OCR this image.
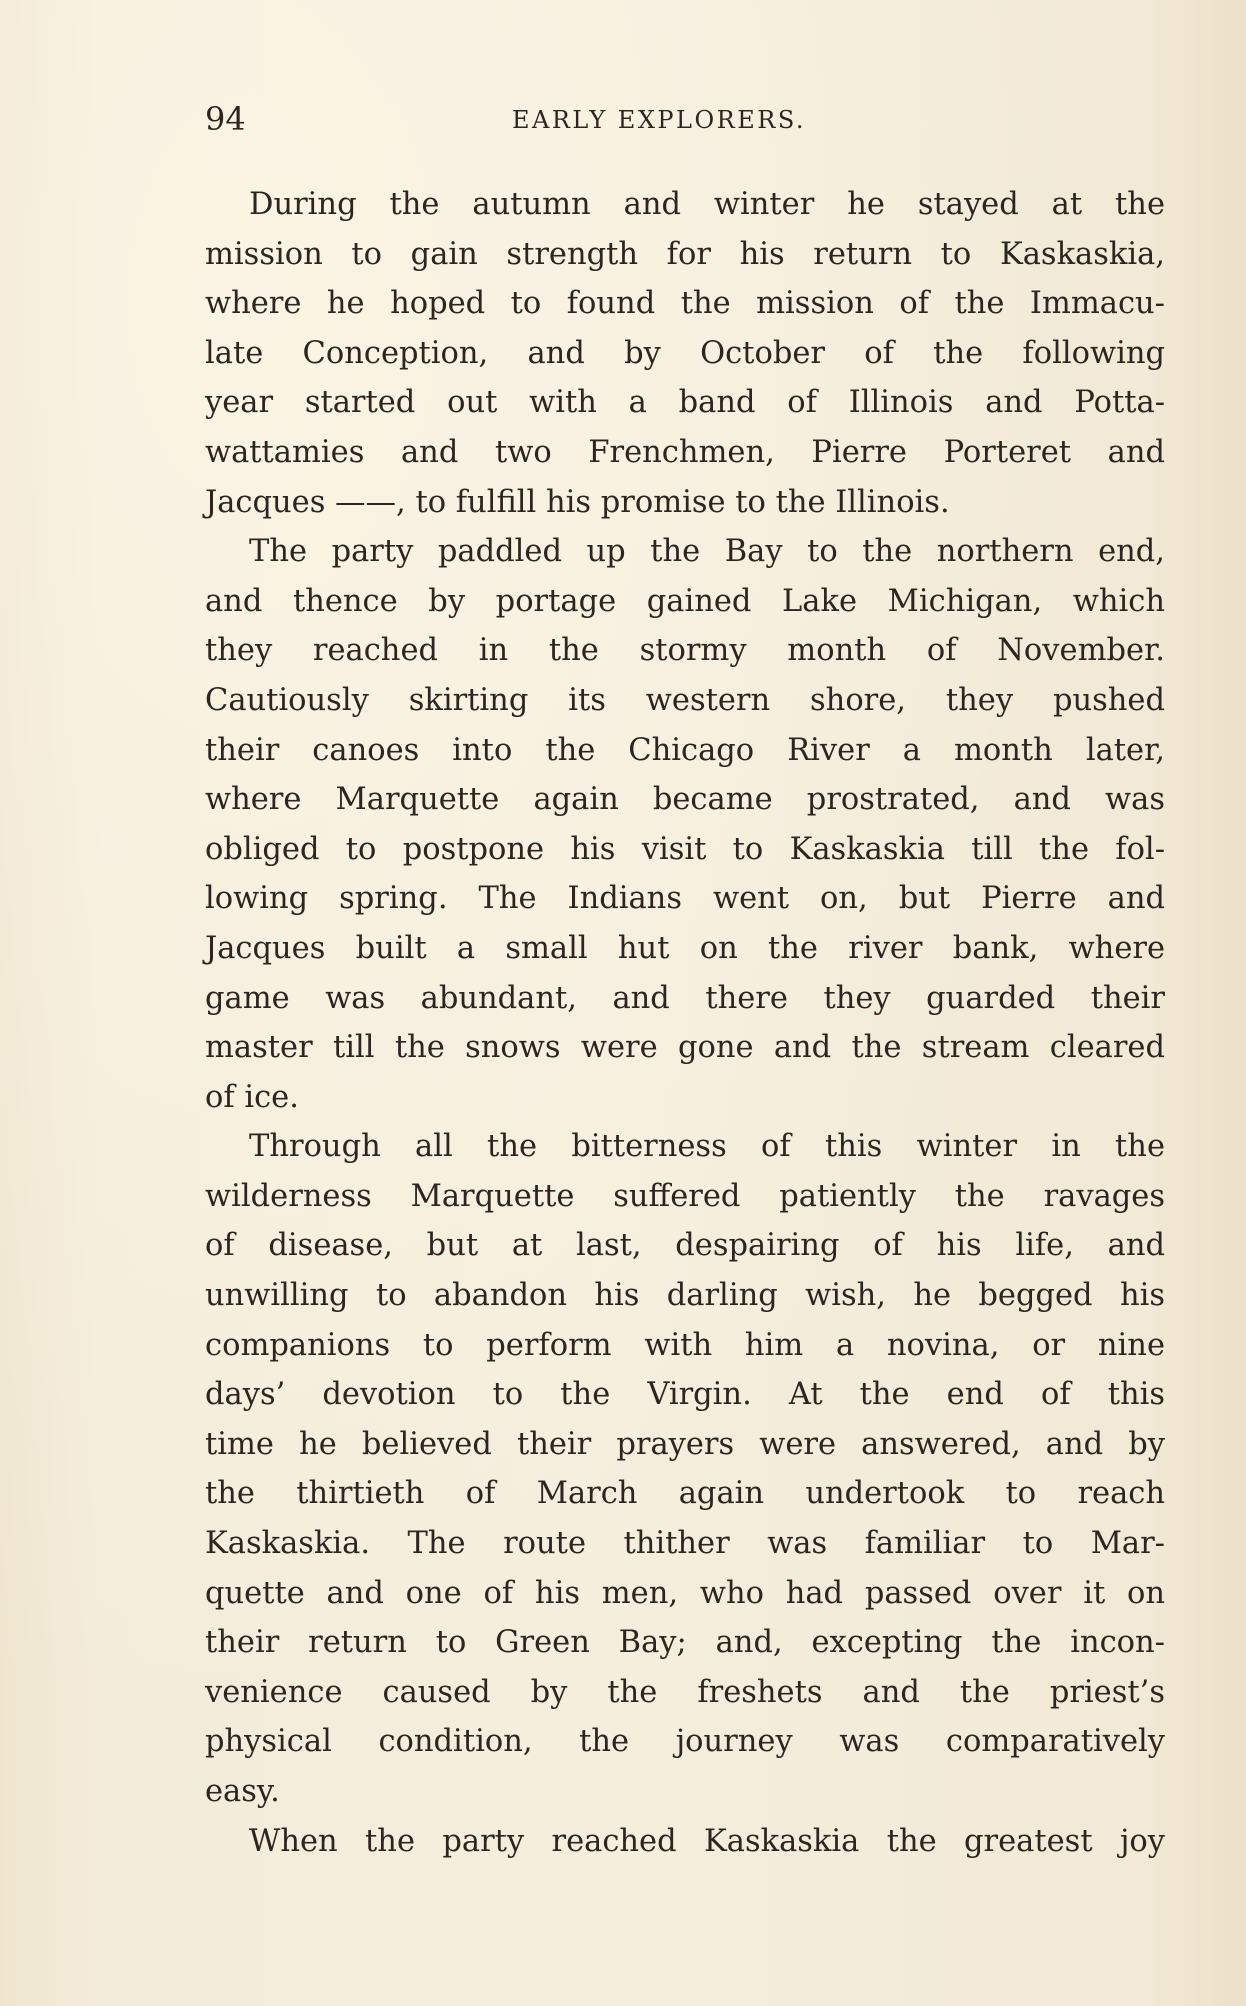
94	EARLY EXPLORERS.
During the autumn and winter he stayed at the
mission to gain strength for his return to Kaskaskia,
where he hoped to found the mission of the Immacu-
late Conception, and by October of the following
year started out with a band of Illinois and Potta-
wattamies and two Frenchmen, Pierre Porteret and
Jacques ——, to fulfill his promise to the Illinois.
The party paddled up the Bay to the northern end,
and thence by portage gained Lake Michigan, which
they reached in the stormy month of November.
Cautiously skirting its western shore, they pushed
their canoes into the Chicago River a month later,
where Marquette again became prostrated, and was
obliged to postpone his visit to Kaskaskia till the fol-
lowing spring. The Indians went on, but Pierre and
Jacques built a small hut on the river bank, where
game was abundant, and there they guarded their
master till the snows were gone and the stream cleared
of ice.
Through all the bitterness of this winter in the
wilderness Marquette suffered patiently the ravages
of disease, but at last, despairing of his life, and
unwilling to abandon his darling wish, he begged his
companions to perform with him a novina, or nine
days’ devotion to the Virgin. At the end of this
time he believed their prayers were answered, and by
the thirtieth of March again undertook to reach
Kaskaskia. The route thither was familiar to Mar-
quette and one of his men, who had passed over it on
their return to Green Bay; and, excepting the incon-
venience caused by the freshets and the priest’s
physical condition, the journey was comparatively
easy.
When the party reached Kaskaskia the greatest joy
